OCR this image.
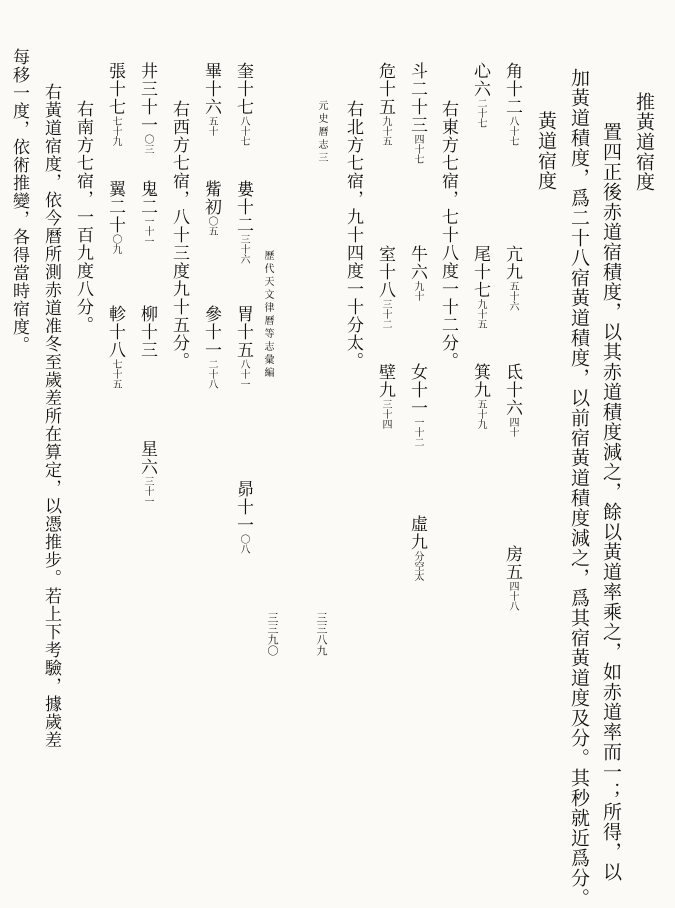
推黃道宿度
置四正後赤道宿積度，以其赤道積度減之，餘以黃道率乘之，如赤道率而一；所得，以
加黃道積度，爲二十八宿黃道積度，以前宿黃道積度減之，爲其宿黃道度及分。其秒就近爲分。
黃道宿度
角十二八十七
亢九五十六
氐十六四十
房五四十八
心六二十七
尾十七九十五
箕九五十九
右東方七宿，七十八度一十二分。
斗二十三四十七
牛六九十
女十一一十二
虛九分空太
危十五九十五
室十八三十二
壁九三十四
右北方七宿，九十四度一十分太。
元史曆志三
三三八九
歷代天文律曆等志彙編
三三九〇
奎十七八十七
婁十二三十六
胃十五八十一
昴十一〇八
畢十六五十
觜初〇五
參十一二十八
右西方七宿，八十三度九十五分。
井三十一〇三
鬼二一十一
柳十三
星六三十一
張十七七十九
翼二十〇九
軫十八七十五
右南方七宿，一百九度八分。
右黃道宿度，依今曆所測赤道准冬至歲差所在算定，以憑推步。若上下考驗，據歲差
每移一度，依術推變，各得當時宿度。
